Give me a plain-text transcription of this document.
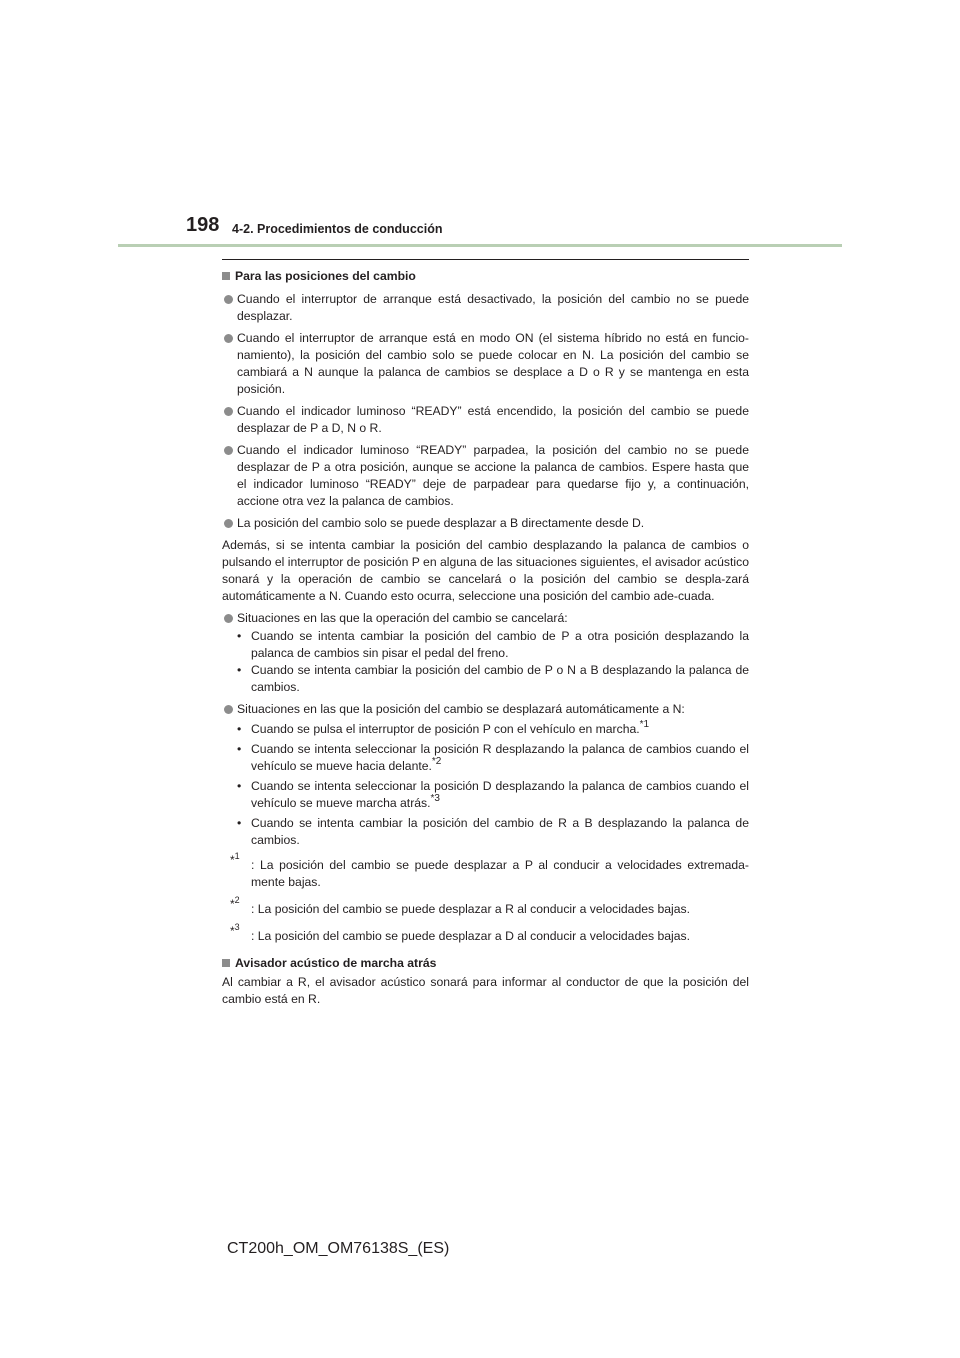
198 4-2. Procedimientos de conducción
Para las posiciones del cambio
Cuando el interruptor de arranque está desactivado, la posición del cambio no se puede desplazar.
Cuando el interruptor de arranque está en modo ON (el sistema híbrido no está en funcio-namiento), la posición del cambio solo se puede colocar en N. La posición del cambio se cambiará a N aunque la palanca de cambios se desplace a D o R y se mantenga en esta posición.
Cuando el indicador luminoso “READY” está encendido, la posición del cambio se puede desplazar de P a D, N o R.
Cuando el indicador luminoso “READY” parpadea, la posición del cambio no se puede desplazar de P a otra posición, aunque se accione la palanca de cambios. Espere hasta que el indicador luminoso “READY” deje de parpadear para quedarse fijo y, a continuación, accione otra vez la palanca de cambios.
La posición del cambio solo se puede desplazar a B directamente desde D.
Además, si se intenta cambiar la posición del cambio desplazando la palanca de cambios o pulsando el interruptor de posición P en alguna de las situaciones siguientes, el avisador acústico sonará y la operación de cambio se cancelará o la posición del cambio se despla-zará automáticamente a N. Cuando esto ocurra, seleccione una posición del cambio ade-cuada.
Situaciones en las que la operación del cambio se cancelará:
• Cuando se intenta cambiar la posición del cambio de P a otra posición desplazando la palanca de cambios sin pisar el pedal del freno.
• Cuando se intenta cambiar la posición del cambio de P o N a B desplazando la palanca de cambios.
Situaciones en las que la posición del cambio se desplazará automáticamente a N:
• Cuando se pulsa el interruptor de posición P con el vehículo en marcha.$^{*1}$
• Cuando se intenta seleccionar la posición R desplazando la palanca de cambios cuando el vehículo se mueve hacia delante.$^{*2}$
• Cuando se intenta seleccionar la posición D desplazando la palanca de cambios cuando el vehículo se mueve marcha atrás.$^{*3}$
• Cuando se intenta cambiar la posición del cambio de R a B desplazando la palanca de cambios.
*$^1$
: La posición del cambio se puede desplazar a P al conducir a velocidades extremada-mente bajas.
*$^2$
: La posición del cambio se puede desplazar a R al conducir a velocidades bajas.
*$^3$
: La posición del cambio se puede desplazar a D al conducir a velocidades bajas.
Avisador acústico de marcha atrás
Al cambiar a R, el avisador acústico sonará para informar al conductor de que la posición del cambio está en R.
CT200h_OM_OM76138S_(ES)
